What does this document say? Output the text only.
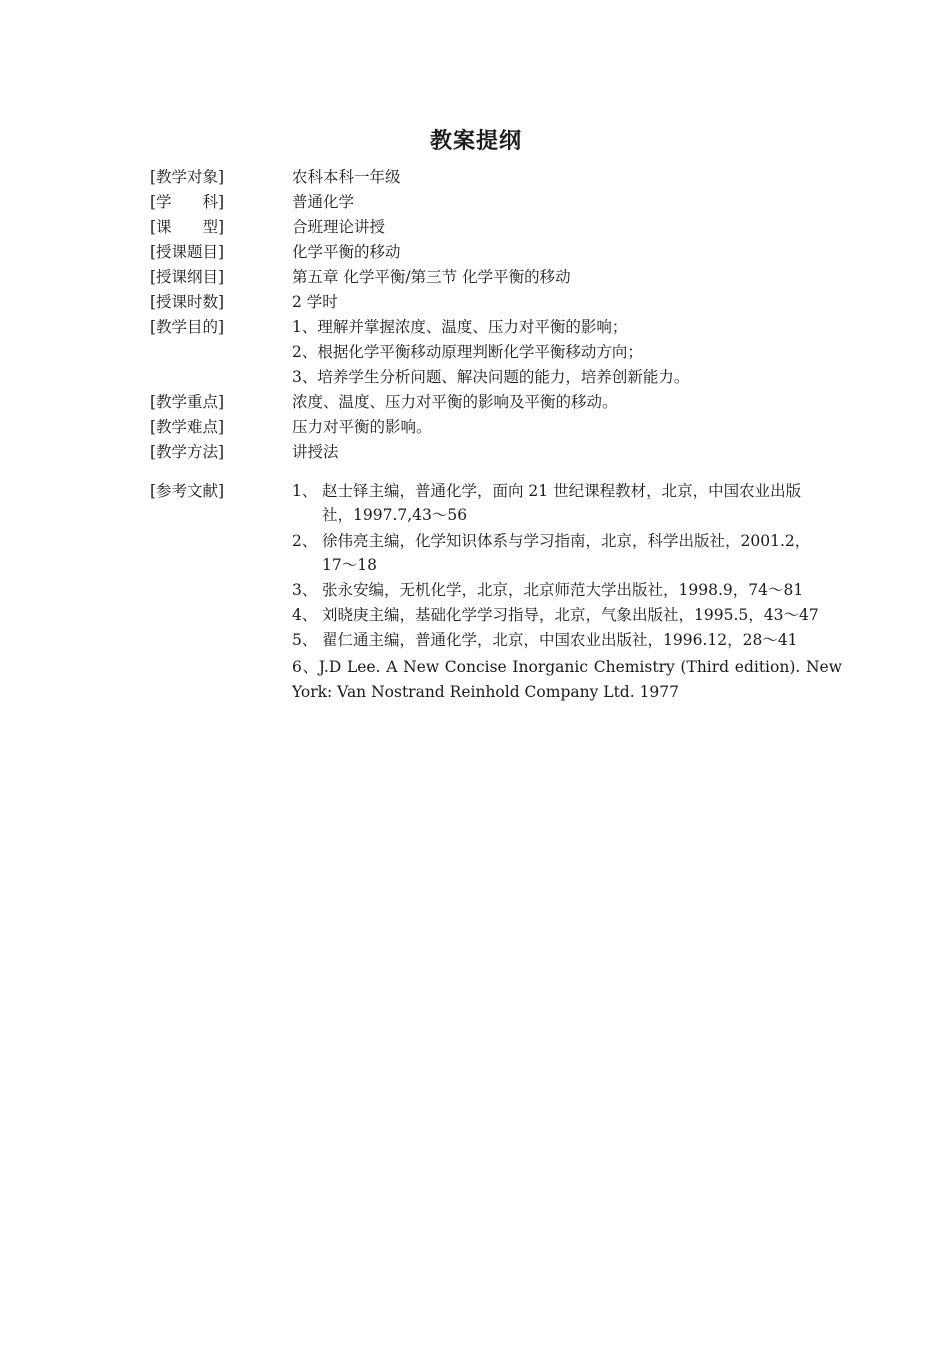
教案提纲
[教学对象]	农科本科一年级
[学　　科]	普通化学
[课　　型]	合班理论讲授
[授课题目]	化学平衡的移动
[授课纲目]	第五章 化学平衡/第三节 化学平衡的移动
[授课时数]	2 学时
[教学目的]	1、理解并掌握浓度、温度、压力对平衡的影响；
2、根据化学平衡移动原理判断化学平衡移动方向；
3、培养学生分析问题、解决问题的能力，培养创新能力。
[教学重点]	浓度、温度、压力对平衡的影响及平衡的移动。
[教学难点]	压力对平衡的影响。
[教学方法]	讲授法
[参考文献]	1、 赵士铎主编，普通化学，面向 21 世纪课程教材，北京，中国农业出版
社，1997.7,43～56
2、 徐伟亮主编，化学知识体系与学习指南，北京，科学出版社，2001.2，
17～18
3、 张永安编，无机化学，北京，北京师范大学出版社，1998.9，74～81
4、 刘晓庚主编，基础化学学习指导，北京，气象出版社，1995.5，43～47
5、 翟仁通主编，普通化学，北京，中国农业出版社，1996.12，28～41
6、J.D Lee. A New Concise Inorganic Chemistry (Third edition). New York: Van Nostrand Reinhold Company Ltd. 1977
